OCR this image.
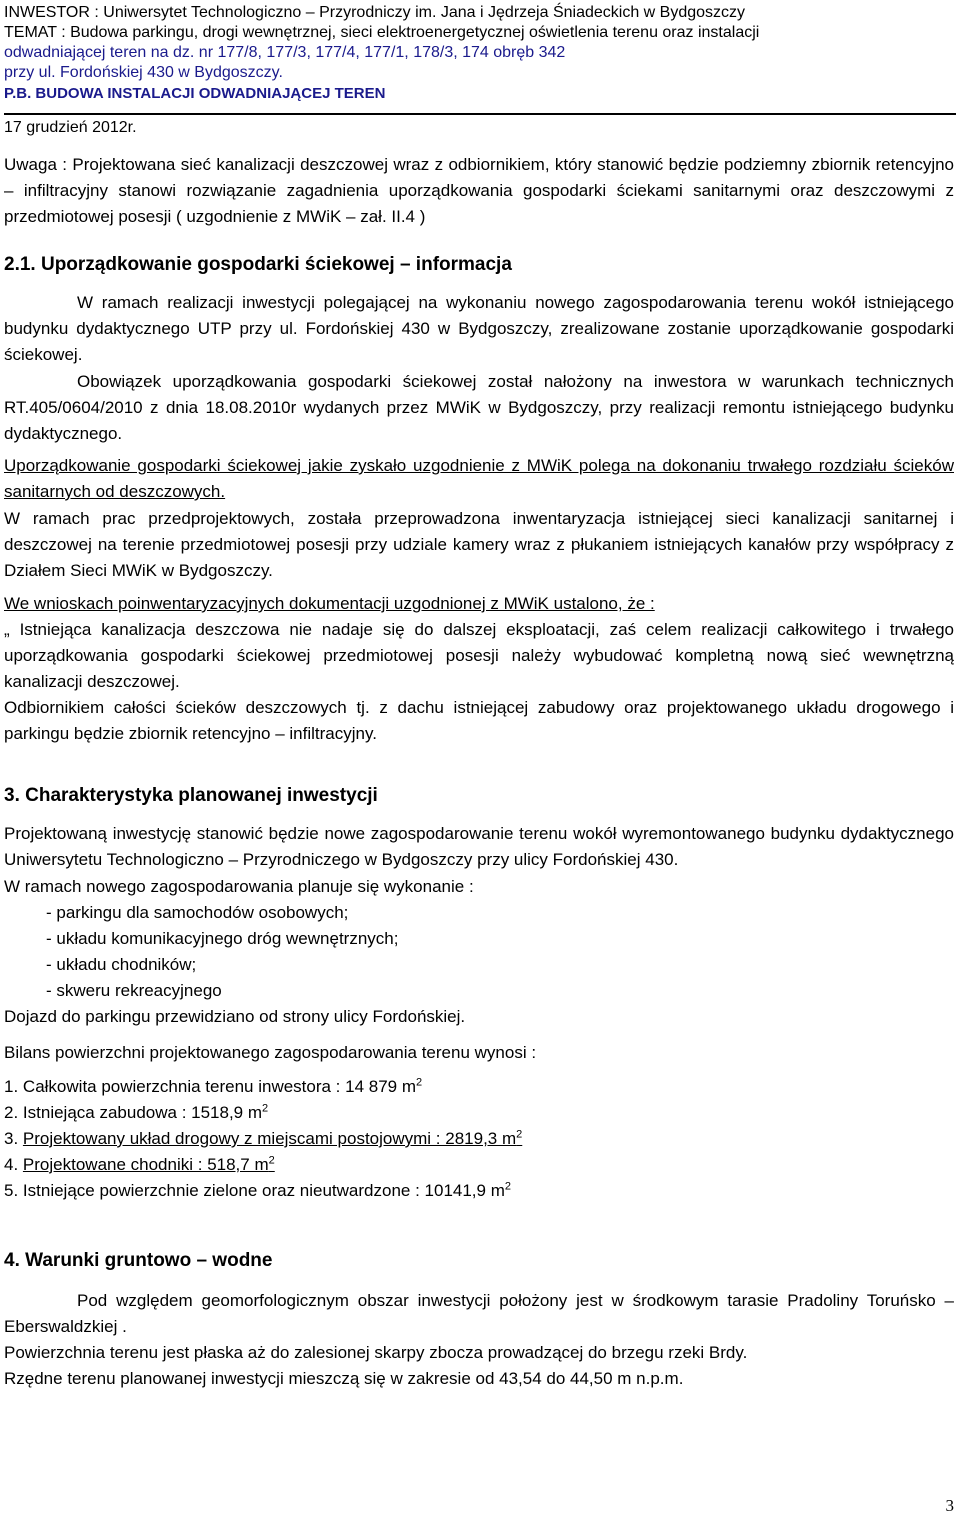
INWESTOR : Uniwersytet Technologiczno – Przyrodniczy im. Jana i Jędrzeja Śniadeckich w Bydgoszczy
TEMAT : Budowa parkingu, drogi wewnętrznej, sieci elektroenergetycznej oświetlenia terenu oraz instalacji
odwadniającej teren na dz. nr 177/8, 177/3, 177/4, 177/1, 178/3, 174 obręb 342
przy ul. Fordońskiej 430 w Bydgoszczy.
P.B. BUDOWA INSTALACJI ODWADNIAJĄCEJ TEREN
17 grudzień 2012r.

Uwaga : Projektowana sieć kanalizacji deszczowej wraz z odbiornikiem, który stanowić będzie podziemny zbiornik retencyjno – infiltracyjny stanowi rozwiązanie zagadnienia uporządkowania gospodarki ściekami sanitarnymi oraz deszczowymi z przedmiotowej posesji ( uzgodnienie z MWiK – zał. II.4 )

2.1. Uporządkowanie gospodarki ściekowej – informacja

W ramach realizacji inwestycji polegającej na wykonaniu nowego zagospodarowania terenu wokół istniejącego budynku dydaktycznego UTP przy ul. Fordońskiej 430 w Bydgoszczy, zrealizowane zostanie uporządkowanie gospodarki ściekowej.

Obowiązek uporządkowania gospodarki ściekowej został nałożony na inwestora w warunkach technicznych RT.405/0604/2010 z dnia 18.08.2010r wydanych przez MWiK w Bydgoszczy, przy realizacji remontu istniejącego budynku dydaktycznego.

Uporządkowanie gospodarki ściekowej jakie zyskało uzgodnienie z MWiK polega na dokonaniu trwałego rozdziału ścieków sanitarnych od deszczowych.

W ramach prac przedprojektowych, została przeprowadzona inwentaryzacja istniejącej sieci kanalizacji sanitarnej i deszczowej na terenie przedmiotowej posesji przy udziale kamery wraz z płukaniem istniejących kanałów przy współpracy z Działem Sieci MWiK w Bydgoszczy.

We wnioskach poinwentaryzacyjnych dokumentacji uzgodnionej z MWiK ustalono, że :

„ Istniejąca kanalizacja deszczowa nie nadaje się do dalszej eksploatacji, zaś celem realizacji całkowitego i trwałego uporządkowania gospodarki ściekowej przedmiotowej posesji należy wybudować kompletną nową sieć wewnętrzną kanalizacji deszczowej.

Odbiornikiem całości ścieków deszczowych tj. z dachu istniejącej zabudowy oraz projektowanego układu drogowego i parkingu będzie zbiornik retencyjno – infiltracyjny.

3. Charakterystyka planowanej inwestycji

Projektowaną inwestycję stanowić będzie nowe zagospodarowanie terenu wokół wyremontowanego budynku dydaktycznego Uniwersytetu Technologiczno – Przyrodniczego w Bydgoszczy przy ulicy Fordońskiej 430.

W ramach nowego zagospodarowania planuje się wykonanie :

- parkingu dla samochodów osobowych;
- układu komunikacyjnego dróg wewnętrznych;
- układu chodników;
- skweru rekreacyjnego

Dojazd do parkingu przewidziano od strony ulicy Fordońskiej.

Bilans powierzchni projektowanego zagospodarowania terenu wynosi :

1. Całkowita powierzchnia terenu inwestora : 14 879 $m^2$
2. Istniejąca zabudowa : 1518,9 $m^2$
3. Projektowany układ drogowy z miejscami postojowymi : 2819,3 $m^2$
4. Projektowane chodniki : 518,7 $m^2$
5. Istniejące powierzchnie zielone oraz nieutwardzone : 10141,9 $m^2$
4. Warunki gruntowo – wodne

Pod względem geomorfologicznym obszar inwestycji położony jest w środkowym tarasie Pradoliny Toruńsko – Eberswaldzkiej .

Powierzchnia terenu jest płaska aż do zalesionej skarpy zbocza prowadzącej do brzegu rzeki Brdy.

Rzędne terenu planowanej inwestycji mieszczą się w zakresie od 43,54 do 44,50 m n.p.m.

3
